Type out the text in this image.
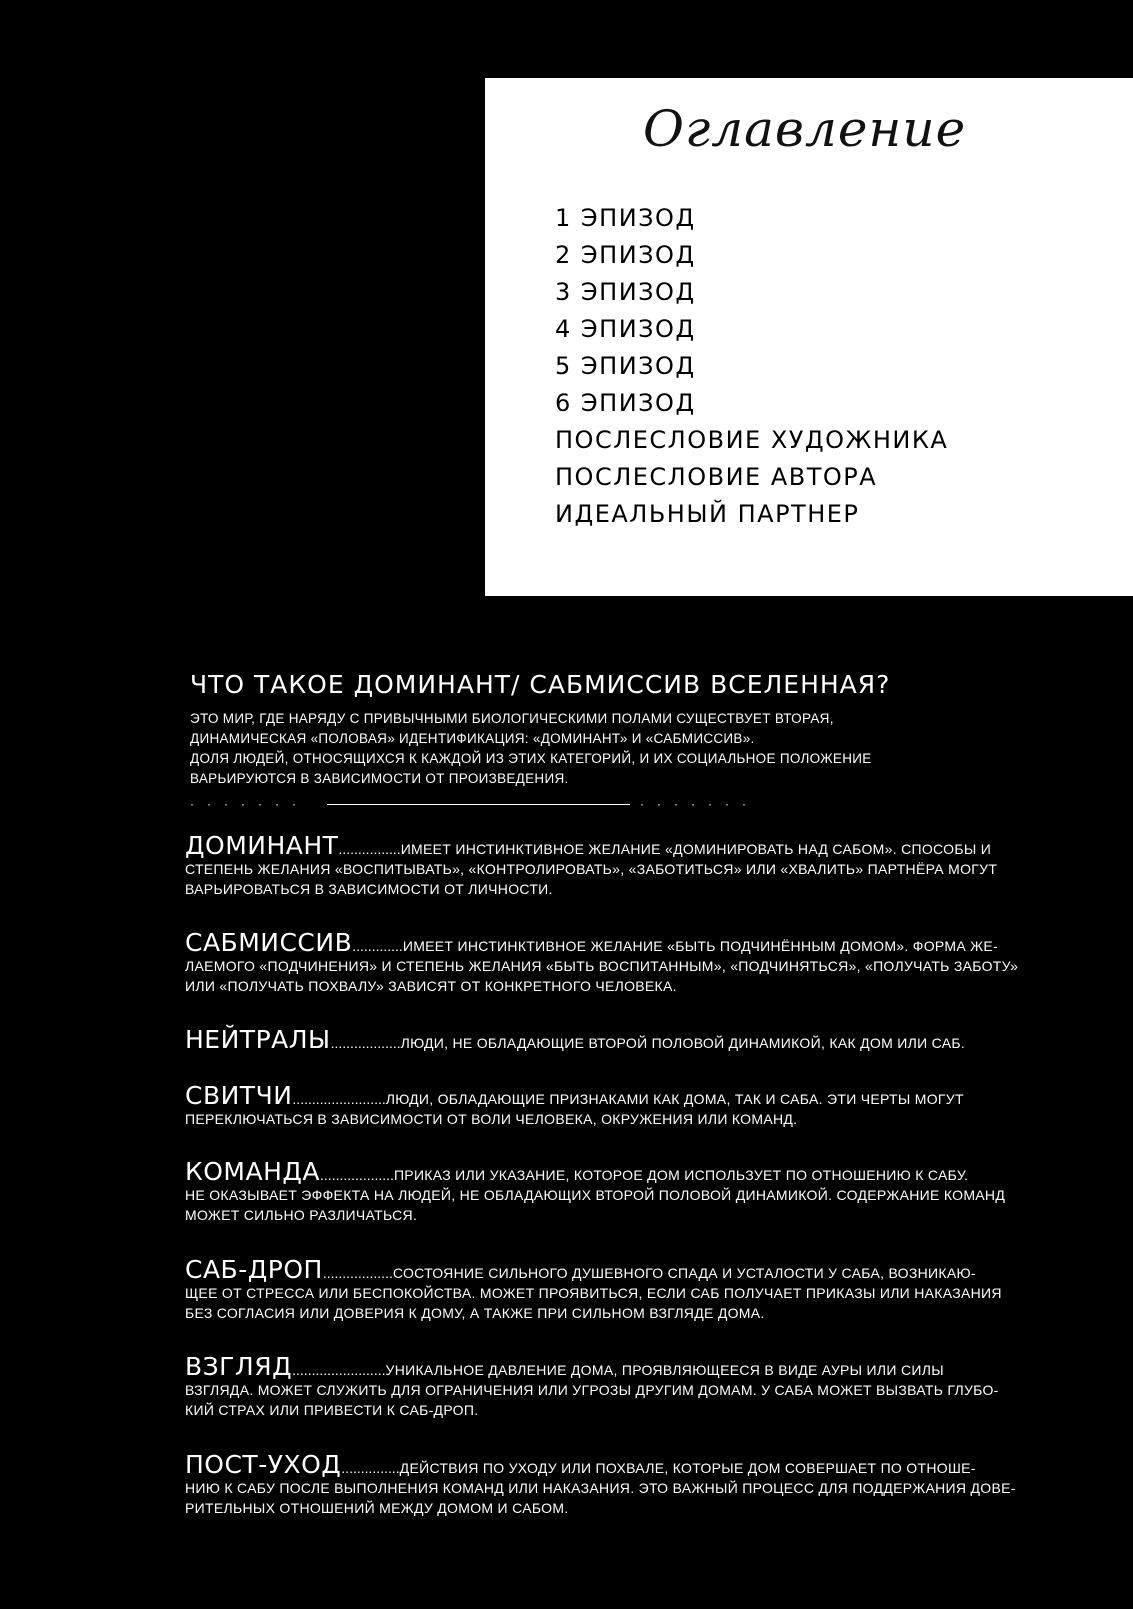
Оглавление
1 ЭПИЗОД
2 ЭПИЗОД
3 ЭПИЗОД
4 ЭПИЗОД
5 ЭПИЗОД
6 ЭПИЗОД
ПОСЛЕСЛОВИЕ ХУДОЖНИКА
ПОСЛЕСЛОВИЕ АВТОРА
ИДЕАЛЬНЫЙ ПАРТНЕР
ЧТО ТАКОЕ ДОМИНАНТ/ САБМИССИВ ВСЕЛЕННАЯ?

ЭТО МИР, ГДЕ НАРЯДУ С ПРИВЫЧНЫМИ БИОЛОГИЧЕСКИМИ ПОЛАМИ СУЩЕСТВУЕТ ВТОРАЯ,
ДИНАМИЧЕСКАЯ «ПОЛОВАЯ» ИДЕНТИФИКАЦИЯ: «ДОМИНАНТ» И «САБМИССИВ».
ДОЛЯ ЛЮДЕЙ, ОТНОСЯЩИХСЯ К КАЖДОЙ ИЗ ЭТИХ КАТЕГОРИЙ, И ИХ СОЦИАЛЬНОЕ ПОЛОЖЕНИЕ
ВАРЬИРУЮТСЯ В ЗАВИСИМОСТИ ОТ ПРОИЗВЕДЕНИЯ.

·······	·······
ДОМИНАНТ................ИМЕЕТ ИНСТИНКТИВНОЕ ЖЕЛАНИЕ «ДОМИНИРОВАТЬ НАД САБОМ». СПОСОБЫ И
СТЕПЕНЬ ЖЕЛАНИЯ «ВОСПИТЫВАТЬ», «КОНТРОЛИРОВАТЬ», «ЗАБОТИТЬСЯ» ИЛИ «ХВАЛИТЬ» ПАРТНЁРА МОГУТ
ВАРЬИРОВАТЬСЯ В ЗАВИСИМОСТИ ОТ ЛИЧНОСТИ.
САБМИССИВ.............ИМЕЕТ ИНСТИНКТИВНОЕ ЖЕЛАНИЕ «БЫТЬ ПОДЧИНЁННЫМ ДОМОМ». ФОРМА ЖЕ-
ЛАЕМОГО «ПОДЧИНЕНИЯ» И СТЕПЕНЬ ЖЕЛАНИЯ «БЫТЬ ВОСПИТАННЫМ», «ПОДЧИНЯТЬСЯ», «ПОЛУЧАТЬ ЗАБОТУ»
ИЛИ «ПОЛУЧАТЬ ПОХВАЛУ» ЗАВИСЯТ ОТ КОНКРЕТНОГО ЧЕЛОВЕКА.
НЕЙТРАЛЫ..................ЛЮДИ, НЕ ОБЛАДАЮЩИЕ ВТОРОЙ ПОЛОВОЙ ДИНАМИКОЙ, КАК ДОМ ИЛИ САБ.
СВИТЧИ........................ЛЮДИ, ОБЛАДАЮЩИЕ ПРИЗНАКАМИ КАК ДОМА, ТАК И САБА. ЭТИ ЧЕРТЫ МОГУТ
ПЕРЕКЛЮЧАТЬСЯ В ЗАВИСИМОСТИ ОТ ВОЛИ ЧЕЛОВЕКА, ОКРУЖЕНИЯ ИЛИ КОМАНД.
КОМАНДА...................ПРИКАЗ ИЛИ УКАЗАНИЕ, КОТОРОЕ ДОМ ИСПОЛЬЗУЕТ ПО ОТНОШЕНИЮ К САБУ.
НЕ ОКАЗЫВАЕТ ЭФФЕКТА НА ЛЮДЕЙ, НЕ ОБЛАДАЮЩИХ ВТОРОЙ ПОЛОВОЙ ДИНАМИКОЙ. СОДЕРЖАНИЕ КОМАНД
МОЖЕТ СИЛЬНО РАЗЛИЧАТЬСЯ.
САБ-ДРОП..................СОСТОЯНИЕ СИЛЬНОГО ДУШЕВНОГО СПАДА И УСТАЛОСТИ У САБА, ВОЗНИКАЮ-
ЩЕЕ ОТ СТРЕССА ИЛИ БЕСПОКОЙСТВА. МОЖЕТ ПРОЯВИТЬСЯ, ЕСЛИ САБ ПОЛУЧАЕТ ПРИКАЗЫ ИЛИ НАКАЗАНИЯ
БЕЗ СОГЛАСИЯ ИЛИ ДОВЕРИЯ К ДОМУ, А ТАКЖЕ ПРИ СИЛЬНОМ ВЗГЛЯДЕ ДОМА.
ВЗГЛЯД........................УНИКАЛЬНОЕ ДАВЛЕНИЕ ДОМА, ПРОЯВЛЯЮЩЕЕСЯ В ВИДЕ АУРЫ ИЛИ СИЛЫ
ВЗГЛЯДА. МОЖЕТ СЛУЖИТЬ ДЛЯ ОГРАНИЧЕНИЯ ИЛИ УГРОЗЫ ДРУГИМ ДОМАМ. У САБА МОЖЕТ ВЫЗВАТЬ ГЛУБО-
КИЙ СТРАХ ИЛИ ПРИВЕСТИ К САБ-ДРОП.
ПОСТ-УХОД...............ДЕЙСТВИЯ ПО УХОДУ ИЛИ ПОХВАЛЕ, КОТОРЫЕ ДОМ СОВЕРШАЕТ ПО ОТНОШЕ-
НИЮ К САБУ ПОСЛЕ ВЫПОЛНЕНИЯ КОМАНД ИЛИ НАКАЗАНИЯ. ЭТО ВАЖНЫЙ ПРОЦЕСС ДЛЯ ПОДДЕРЖАНИЯ ДОВЕ-
РИТЕЛЬНЫХ ОТНОШЕНИЙ МЕЖДУ ДОМОМ И САБОМ.
